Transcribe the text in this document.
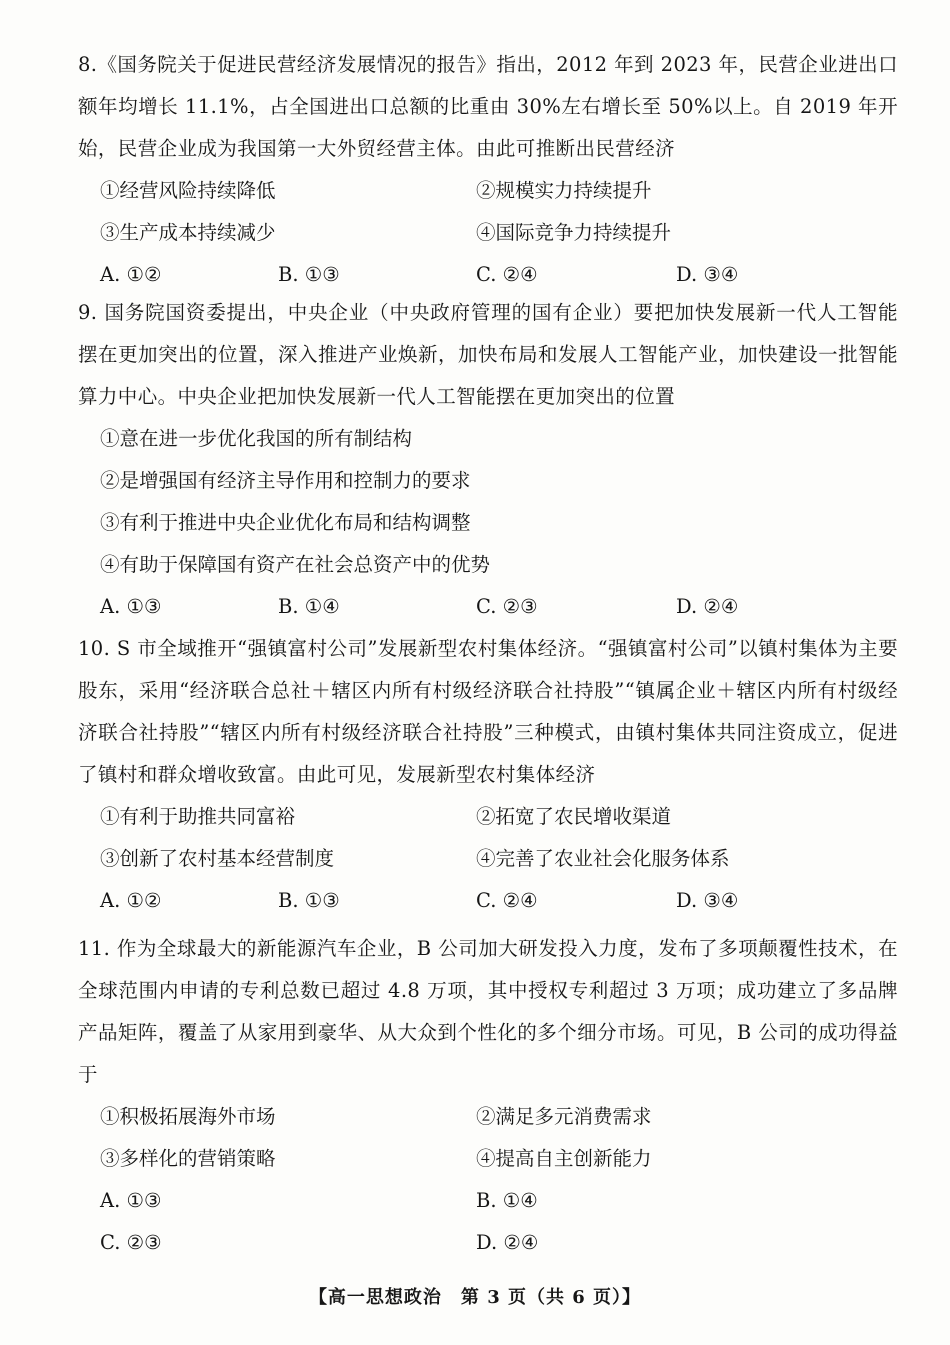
8.《国务院关于促进民营经济发展情况的报告》指出，2012 年到 2023 年，民营企业进出口额年均增长 11.1%，占全国进出口总额的比重由 30%左右增长至 50%以上。自 2019 年开始，民营企业成为我国第一大外贸经营主体。由此可推断出民营经济
①经营风险持续降低	②规模实力持续提升
③生产成本持续减少	④国际竞争力持续提升
A. ①②	B. ①③	C. ②④	D. ③④
9. 国务院国资委提出，中央企业（中央政府管理的国有企业）要把加快发展新一代人工智能摆在更加突出的位置，深入推进产业焕新，加快布局和发展人工智能产业，加快建设一批智能算力中心。中央企业把加快发展新一代人工智能摆在更加突出的位置
①意在进一步优化我国的所有制结构
②是增强国有经济主导作用和控制力的要求
③有利于推进中央企业优化布局和结构调整
④有助于保障国有资产在社会总资产中的优势
A. ①③	B. ①④	C. ②③	D. ②④
10. S 市全域推开“强镇富村公司”发展新型农村集体经济。“强镇富村公司”以镇村集体为主要股东，采用“经济联合总社＋辖区内所有村级经济联合社持股”“镇属企业＋辖区内所有村级经济联合社持股”“辖区内所有村级经济联合社持股”三种模式，由镇村集体共同注资成立，促进了镇村和群众增收致富。由此可见，发展新型农村集体经济
①有利于助推共同富裕	②拓宽了农民增收渠道
③创新了农村基本经营制度	④完善了农业社会化服务体系
A. ①②	B. ①③	C. ②④	D. ③④
11. 作为全球最大的新能源汽车企业，B 公司加大研发投入力度，发布了多项颠覆性技术，在全球范围内申请的专利总数已超过 4.8 万项，其中授权专利超过 3 万项；成功建立了多品牌产品矩阵，覆盖了从家用到豪华、从大众到个性化的多个细分市场。可见，B 公司的成功得益于
①积极拓展海外市场	②满足多元消费需求
③多样化的营销策略	④提高自主创新能力
A. ①③	B. ①④
C. ②③	D. ②④
【高一思想政治　第 3 页（共 6 页）】
